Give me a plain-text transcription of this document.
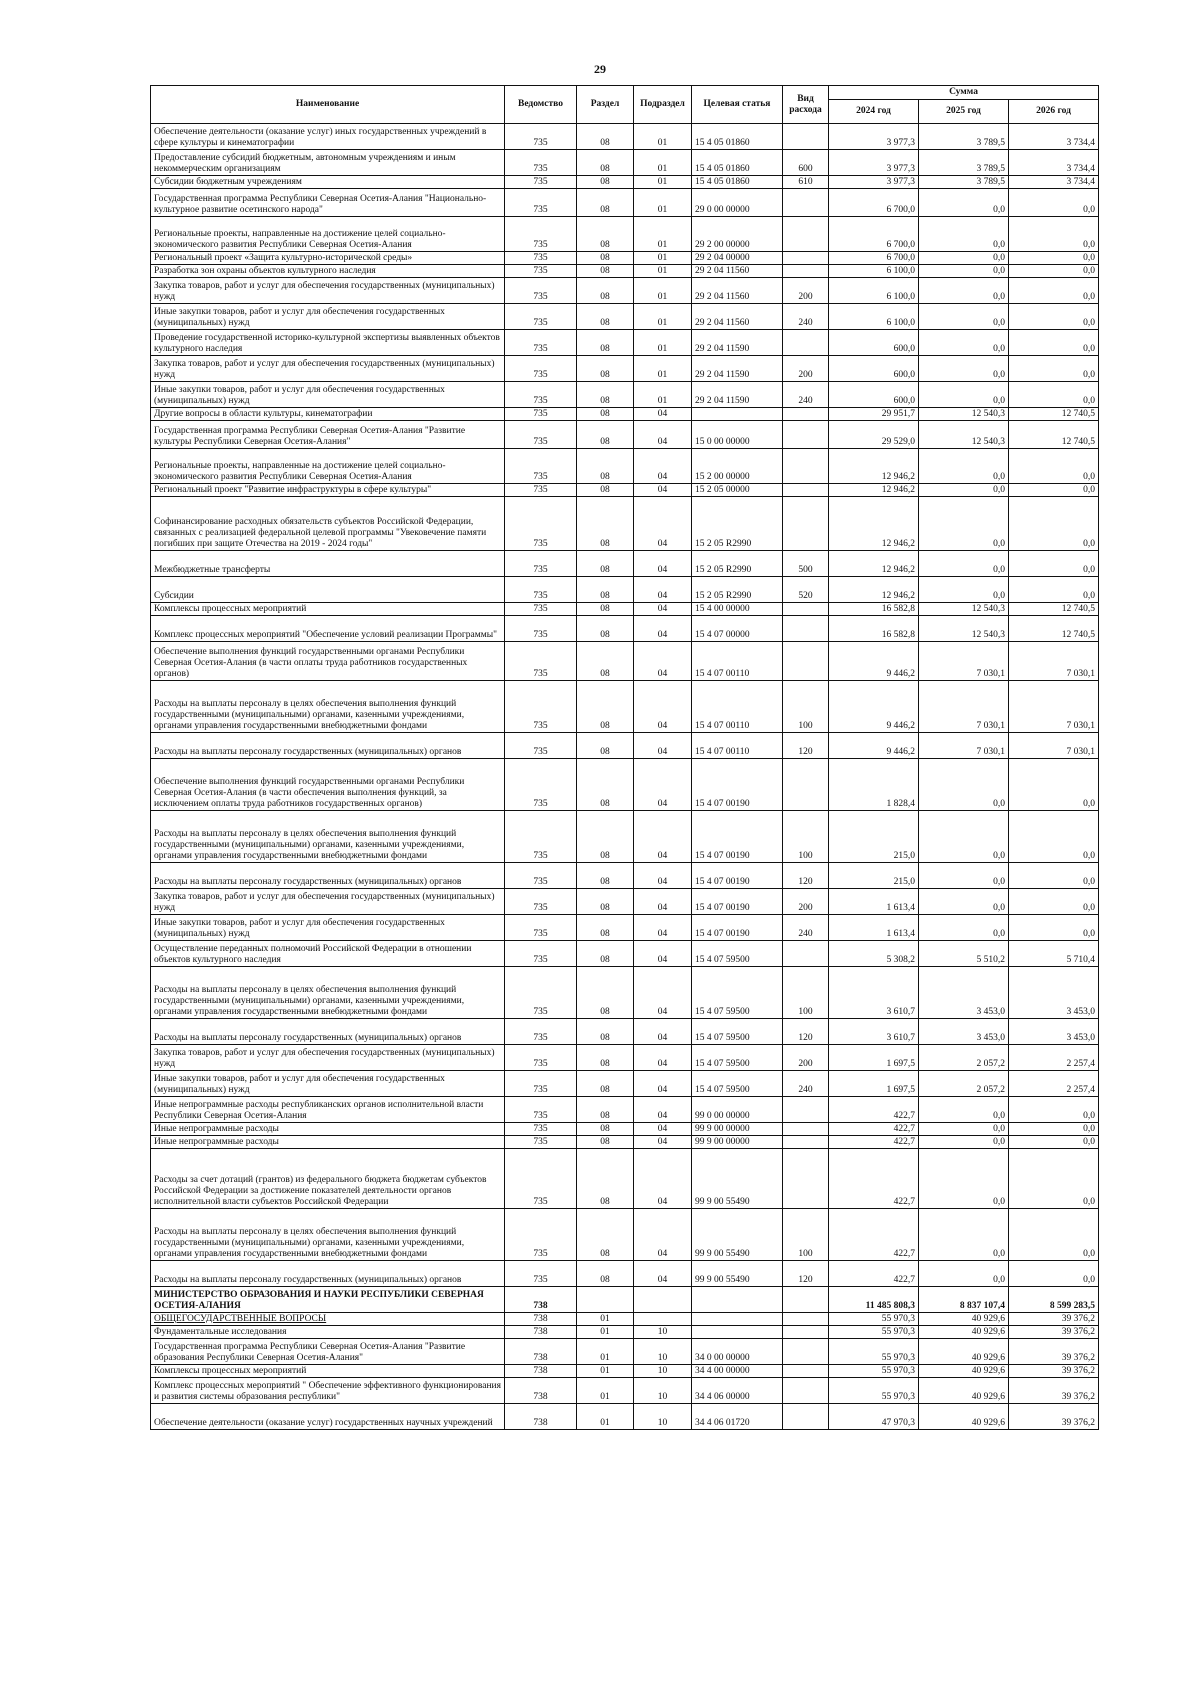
29
Наименование	Ведомство	Раздел	Подраздел	Целевая статья	Вид расхода	Сумма		
						2024 год	2025 год	2026 год
Обеспечение деятельности (оказание услуг) иных государственных учреждений в сфере культуры и кинематографии	735	08	01	15 4 05 01860		3 977,3	3 789,5	3 734,4
Предоставление субсидий бюджетным, автономным учреждениям и иным некоммерческим организациям	735	08	01	15 4 05 01860	600	3 977,3	3 789,5	3 734,4
Субсидии бюджетным учреждениям	735	08	01	15 4 05 01860	610	3 977,3	3 789,5	3 734,4
Государственная программа Республики Северная Осетия-Алания "Национально-культурное развитие осетинского народа"	735	08	01	29 0 00 00000		6 700,0	0,0	0,0
Региональные проекты, направленные на достижение целей социально-экономического развития Республики Северная Осетия-Алания	735	08	01	29 2 00 00000		6 700,0	0,0	0,0
Региональный проект «Защита культурно-исторической среды»	735	08	01	29 2 04 00000		6 700,0	0,0	0,0
Разработка зон охраны объектов культурного наследия	735	08	01	29 2 04 11560		6 100,0	0,0	0,0
Закупка товаров, работ и услуг для обеспечения государственных (муниципальных) нужд	735	08	01	29 2 04 11560	200	6 100,0	0,0	0,0
Иные закупки товаров, работ и услуг для обеспечения государственных (муниципальных) нужд	735	08	01	29 2 04 11560	240	6 100,0	0,0	0,0
Проведение государственной историко-культурной экспертизы выявленных объектов культурного наследия	735	08	01	29 2 04 11590		600,0	0,0	0,0
Закупка товаров, работ и услуг для обеспечения государственных (муниципальных) нужд	735	08	01	29 2 04 11590	200	600,0	0,0	0,0
Иные закупки товаров, работ и услуг для обеспечения государственных (муниципальных) нужд	735	08	01	29 2 04 11590	240	600,0	0,0	0,0
Другие вопросы в области культуры, кинематографии	735	08	04			29 951,7	12 540,3	12 740,5
Государственная программа Республики Северная Осетия-Алания "Развитие культуры Республики Северная Осетия-Алания"	735	08	04	15 0 00 00000		29 529,0	12 540,3	12 740,5
Региональные проекты, направленные на достижение целей социально-экономического развития Республики Северная Осетия-Алания	735	08	04	15 2 00 00000		12 946,2	0,0	0,0
Региональный проект "Развитие инфраструктуры в сфере культуры"	735	08	04	15 2 05 00000		12 946,2	0,0	0,0
Софинансирование расходных обязательств субъектов Российской Федерации, связанных с реализацией федеральной целевой программы "Увековечение памяти погибших при защите Отечества на 2019 - 2024 годы"	735	08	04	15 2 05 R2990		12 946,2	0,0	0,0
Межбюджетные трансферты	735	08	04	15 2 05 R2990	500	12 946,2	0,0	0,0
Субсидии	735	08	04	15 2 05 R2990	520	12 946,2	0,0	0,0
Комплексы процессных мероприятий	735	08	04	15 4 00 00000		16 582,8	12 540,3	12 740,5
Комплекс процессных мероприятий "Обеспечение условий реализации Программы"	735	08	04	15 4 07 00000		16 582,8	12 540,3	12 740,5
Обеспечение выполнения функций государственными органами Республики Северная Осетия-Алания (в части оплаты труда работников государственных органов)	735	08	04	15 4 07 00110		9 446,2	7 030,1	7 030,1
Расходы на выплаты персоналу в целях обеспечения выполнения функций государственными (муниципальными) органами, казенными учреждениями, органами управления государственными внебюджетными фондами	735	08	04	15 4 07 00110	100	9 446,2	7 030,1	7 030,1
Расходы на выплаты персоналу государственных (муниципальных) органов	735	08	04	15 4 07 00110	120	9 446,2	7 030,1	7 030,1
Обеспечение выполнения функций государственными органами Республики Северная Осетия-Алания (в части обеспечения выполнения функций, за исключением оплаты труда работников государственных органов)	735	08	04	15 4 07 00190		1 828,4	0,0	0,0
Расходы на выплаты персоналу в целях обеспечения выполнения функций государственными (муниципальными) органами, казенными учреждениями, органами управления государственными внебюджетными фондами	735	08	04	15 4 07 00190	100	215,0	0,0	0,0
Расходы на выплаты персоналу государственных (муниципальных) органов	735	08	04	15 4 07 00190	120	215,0	0,0	0,0
Закупка товаров, работ и услуг для обеспечения государственных (муниципальных) нужд	735	08	04	15 4 07 00190	200	1 613,4	0,0	0,0
Иные закупки товаров, работ и услуг для обеспечения государственных (муниципальных) нужд	735	08	04	15 4 07 00190	240	1 613,4	0,0	0,0
Осуществление переданных полномочий Российской Федерации в отношении объектов культурного наследия	735	08	04	15 4 07 59500		5 308,2	5 510,2	5 710,4
Расходы на выплаты персоналу в целях обеспечения выполнения функций государственными (муниципальными) органами, казенными учреждениями, органами управления государственными внебюджетными фондами	735	08	04	15 4 07 59500	100	3 610,7	3 453,0	3 453,0
Расходы на выплаты персоналу государственных (муниципальных) органов	735	08	04	15 4 07 59500	120	3 610,7	3 453,0	3 453,0
Закупка товаров, работ и услуг для обеспечения государственных (муниципальных) нужд	735	08	04	15 4 07 59500	200	1 697,5	2 057,2	2 257,4
Иные закупки товаров, работ и услуг для обеспечения государственных (муниципальных) нужд	735	08	04	15 4 07 59500	240	1 697,5	2 057,2	2 257,4
Иные непрограммные расходы республиканских органов исполнительной власти Республики Северная Осетия-Алания	735	08	04	99 0 00 00000		422,7	0,0	0,0
Иные непрограммные расходы	735	08	04	99 9 00 00000		422,7	0,0	0,0
Иные непрограммные расходы	735	08	04	99 9 00 00000		422,7	0,0	0,0
Расходы за счет дотаций (грантов) из федерального бюджета бюджетам субъектов Российской Федерации за достижение показателей деятельности органов исполнительной власти субъектов Российской Федерации	735	08	04	99 9 00 55490		422,7	0,0	0,0
Расходы на выплаты персоналу в целях обеспечения выполнения функций государственными (муниципальными) органами, казенными учреждениями, органами управления государственными внебюджетными фондами	735	08	04	99 9 00 55490	100	422,7	0,0	0,0
Расходы на выплаты персоналу государственных (муниципальных) органов	735	08	04	99 9 00 55490	120	422,7	0,0	0,0
МИНИСТЕРСТВО ОБРАЗОВАНИЯ И НАУКИ РЕСПУБЛИКИ СЕВЕРНАЯ ОСЕТИЯ-АЛАНИЯ	738					11 485 808,3	8 837 107,4	8 599 283,5
ОБЩЕГОСУДАРСТВЕННЫЕ ВОПРОСЫ	738	01				55 970,3	40 929,6	39 376,2
Фундаментальные исследования	738	01	10			55 970,3	40 929,6	39 376,2
Государственная программа Республики Северная Осетия-Алания "Развитие образования Республики Северная Осетия-Алания"	738	01	10	34 0 00 00000		55 970,3	40 929,6	39 376,2
Комплексы процессных мероприятий	738	01	10	34 4 00 00000		55 970,3	40 929,6	39 376,2
Комплекс процессных мероприятий " Обеспечение эффективного функционирования и развития системы образования республики"	738	01	10	34 4 06 00000		55 970,3	40 929,6	39 376,2
Обеспечение деятельности (оказание услуг) государственных научных учреждений	738	01	10	34 4 06 01720		47 970,3	40 929,6	39 376,2
